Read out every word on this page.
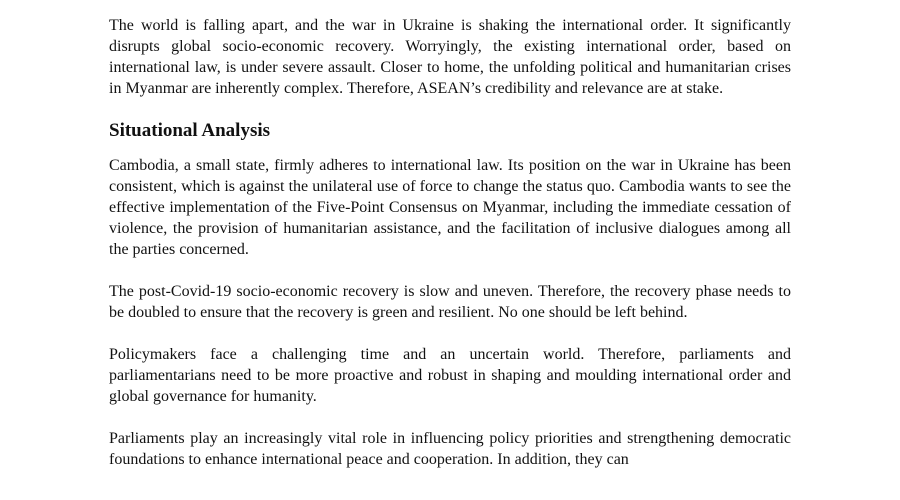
The world is falling apart, and the war in Ukraine is shaking the international order. It significantly disrupts global socio-economic recovery. Worryingly, the existing international order, based on international law, is under severe assault. Closer to home, the unfolding political and humanitarian crises in Myanmar are inherently complex. Therefore, ASEAN’s credibility and relevance are at stake.

Situational Analysis

Cambodia, a small state, firmly adheres to international law. Its position on the war in Ukraine has been consistent, which is against the unilateral use of force to change the status quo. Cambodia wants to see the effective implementation of the Five-Point Consensus on Myanmar, including the immediate cessation of violence, the provision of humanitarian assistance, and the facilitation of inclusive dialogues among all the parties concerned.

The post-Covid-19 socio-economic recovery is slow and uneven. Therefore, the recovery phase needs to be doubled to ensure that the recovery is green and resilient. No one should be left behind.

Policymakers face a challenging time and an uncertain world. Therefore, parliaments and parliamentarians need to be more proactive and robust in shaping and moulding international order and global governance for humanity.

Parliaments play an increasingly vital role in influencing policy priorities and strengthening democratic foundations to enhance international peace and cooperation. In addition, they can
